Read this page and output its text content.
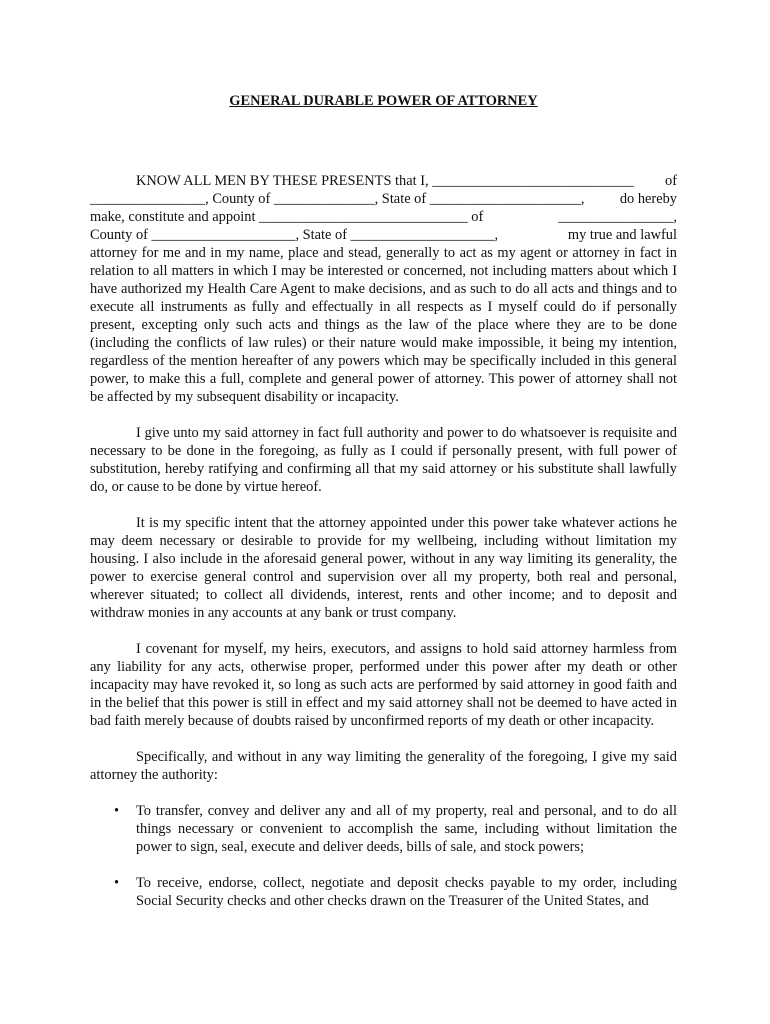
GENERAL DURABLE POWER OF ATTORNEY
KNOW ALL MEN BY THESE PRESENTS that I, ____________________________ of
________________, County of ______________, State of _____________________, do hereby
make, constitute and appoint _____________________________ of	________________,
County of ____________________, State of ____________________,	my true and lawful
attorney for me and in my name, place and stead, generally to act as my agent or attorney in fact in relation to all matters in which I may be interested or concerned, not including matters about which I have authorized my Health Care Agent to make decisions, and as such to do all acts and things and to execute all instruments as fully and effectually in all respects as I myself could do if personally present, excepting only such acts and things as the law of the place where they are to be done (including the conflicts of law rules) or their nature would make impossible, it being my intention, regardless of the mention hereafter of any powers which may be specifically included in this general power, to make this a full, complete and general power of attorney. This power of attorney shall not be affected by my subsequent disability or incapacity.

I give unto my said attorney in fact full authority and power to do whatsoever is requisite and necessary to be done in the foregoing, as fully as I could if personally present, with full power of substitution, hereby ratifying and confirming all that my said attorney or his substitute shall lawfully do, or cause to be done by virtue hereof.

It is my specific intent that the attorney appointed under this power take whatever actions he may deem necessary or desirable to provide for my wellbeing, including without limitation my housing. I also include in the aforesaid general power, without in any way limiting its generality, the power to exercise general control and supervision over all my property, both real and personal, wherever situated; to collect all dividends, interest, rents and other income; and to deposit and withdraw monies in any accounts at any bank or trust company.

I covenant for myself, my heirs, executors, and assigns to hold said attorney harmless from any liability for any acts, otherwise proper, performed under this power after my death or other incapacity may have revoked it, so long as such acts are performed by said attorney in good faith and in the belief that this power is still in effect and my said attorney shall not be deemed to have acted in bad faith merely because of doubts raised by unconfirmed reports of my death or other incapacity.

Specifically, and without in any way limiting the generality of the foregoing, I give my said attorney the authority:

• To transfer, convey and deliver any and all of my property, real and personal, and to do all things necessary or convenient to accomplish the same, including without limitation the power to sign, seal, execute and deliver deeds, bills of sale, and stock powers;
• To receive, endorse, collect, negotiate and deposit checks payable to my order, including Social Security checks and other checks drawn on the Treasurer of the United States, and
